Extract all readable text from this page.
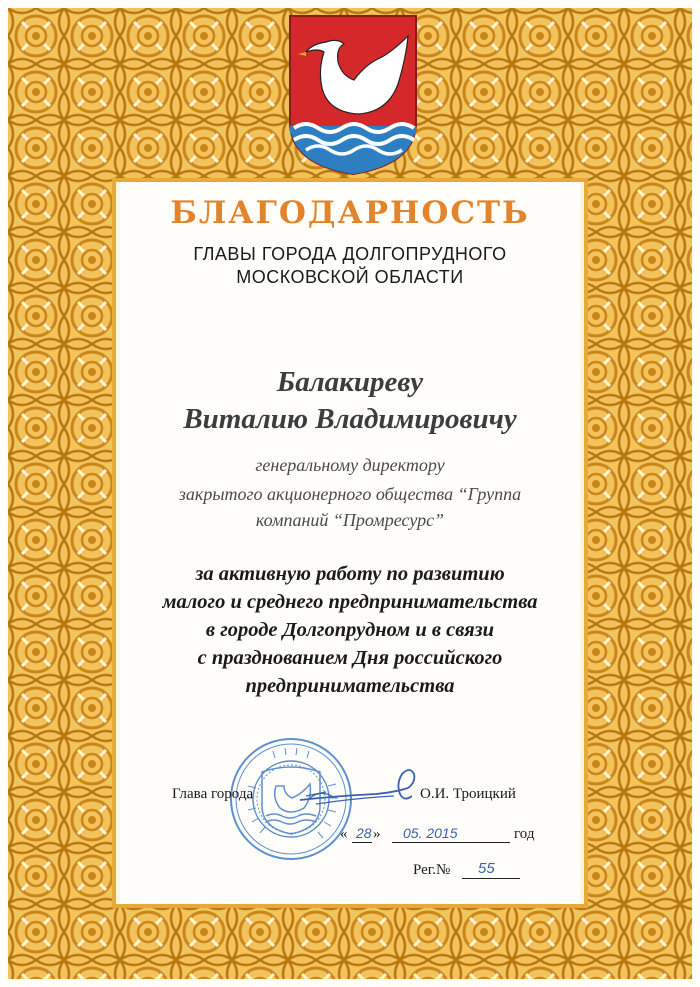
БЛАГОДАРНОСТЬ
ГЛАВЫ ГОРОДА ДОЛГОПРУДНОГО
МОСКОВСКОЙ ОБЛАСТИ
Балакиреву
Виталию Владимировичу
генеральному директору
закрытого акционерного общества “Группа
компаний “Промресурс”
за активную работу по развитию
малого и среднего предпринимательства
в городе Долгопрудном и в связи
с празднованием Дня российского
предпринимательства
Глава города	О.И. Троицкий
« 28 » 05. 2015	год
Рег.№ 55
